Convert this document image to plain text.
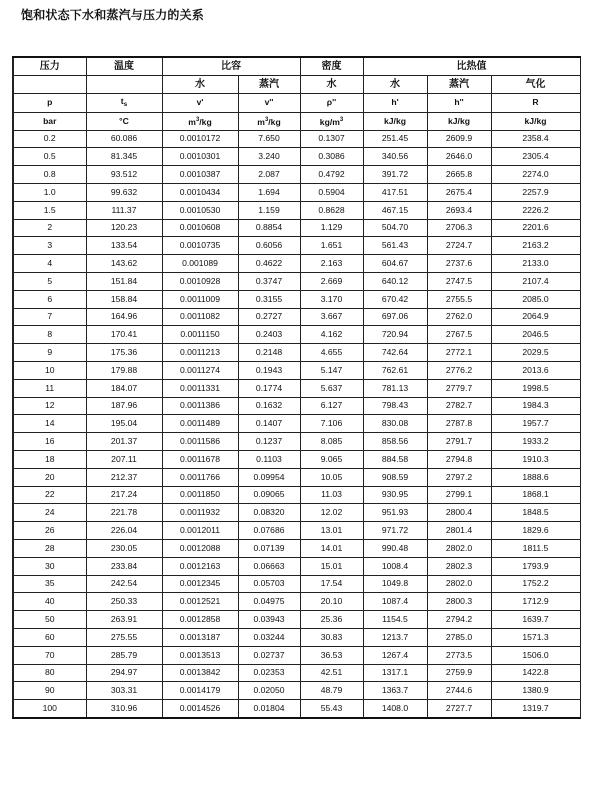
饱和状态下水和蒸汽与压力的关系
压力	温度	比容		密度	比热值		
		水	蒸汽	水	水	蒸汽	气化
p	$t_s$	v'	v''	ρ''	h'	h''	R
bar	°C	$m^3/kg$	$m^3/kg$	$kg/m^3$	kJ/kg	kJ/kg	kJ/kg
0.2	60.086	0.0010172	7.650	0.1307	251.45	2609.9	2358.4
0.5	81.345	0.0010301	3.240	0.3086	340.56	2646.0	2305.4
0.8	93.512	0.0010387	2.087	0.4792	391.72	2665.8	2274.0
1.0	99.632	0.0010434	1.694	0.5904	417.51	2675.4	2257.9
1.5	111.37	0.0010530	1.159	0.8628	467.15	2693.4	2226.2
2	120.23	0.0010608	0.8854	1.129	504.70	2706.3	2201.6
3	133.54	0.0010735	0.6056	1.651	561.43	2724.7	2163.2
4	143.62	0.001089	0.4622	2.163	604.67	2737.6	2133.0
5	151.84	0.0010928	0.3747	2.669	640.12	2747.5	2107.4
6	158.84	0.0011009	0.3155	3.170	670.42	2755.5	2085.0
7	164.96	0.0011082	0.2727	3.667	697.06	2762.0	2064.9
8	170.41	0.0011150	0.2403	4.162	720.94	2767.5	2046.5
9	175.36	0.0011213	0.2148	4.655	742.64	2772.1	2029.5
10	179.88	0.0011274	0.1943	5.147	762.61	2776.2	2013.6
11	184.07	0.0011331	0.1774	5.637	781.13	2779.7	1998.5
12	187.96	0.0011386	0.1632	6.127	798.43	2782.7	1984.3
14	195.04	0.0011489	0.1407	7.106	830.08	2787.8	1957.7
16	201.37	0.0011586	0.1237	8.085	858.56	2791.7	1933.2
18	207.11	0.0011678	0.1103	9.065	884.58	2794.8	1910.3
20	212.37	0.0011766	0.09954	10.05	908.59	2797.2	1888.6
22	217.24	0.0011850	0.09065	11.03	930.95	2799.1	1868.1
24	221.78	0.0011932	0.08320	12.02	951.93	2800.4	1848.5
26	226.04	0.0012011	0.07686	13.01	971.72	2801.4	1829.6
28	230.05	0.0012088	0.07139	14.01	990.48	2802.0	1811.5
30	233.84	0.0012163	0.06663	15.01	1008.4	2802.3	1793.9
35	242.54	0.0012345	0.05703	17.54	1049.8	2802.0	1752.2
40	250.33	0.0012521	0.04975	20.10	1087.4	2800.3	1712.9
50	263.91	0.0012858	0.03943	25.36	1154.5	2794.2	1639.7
60	275.55	0.0013187	0.03244	30.83	1213.7	2785.0	1571.3
70	285.79	0.0013513	0.02737	36.53	1267.4	2773.5	1506.0
80	294.97	0.0013842	0.02353	42.51	1317.1	2759.9	1422.8
90	303.31	0.0014179	0.02050	48.79	1363.7	2744.6	1380.9
100	310.96	0.0014526	0.01804	55.43	1408.0	2727.7	1319.7
